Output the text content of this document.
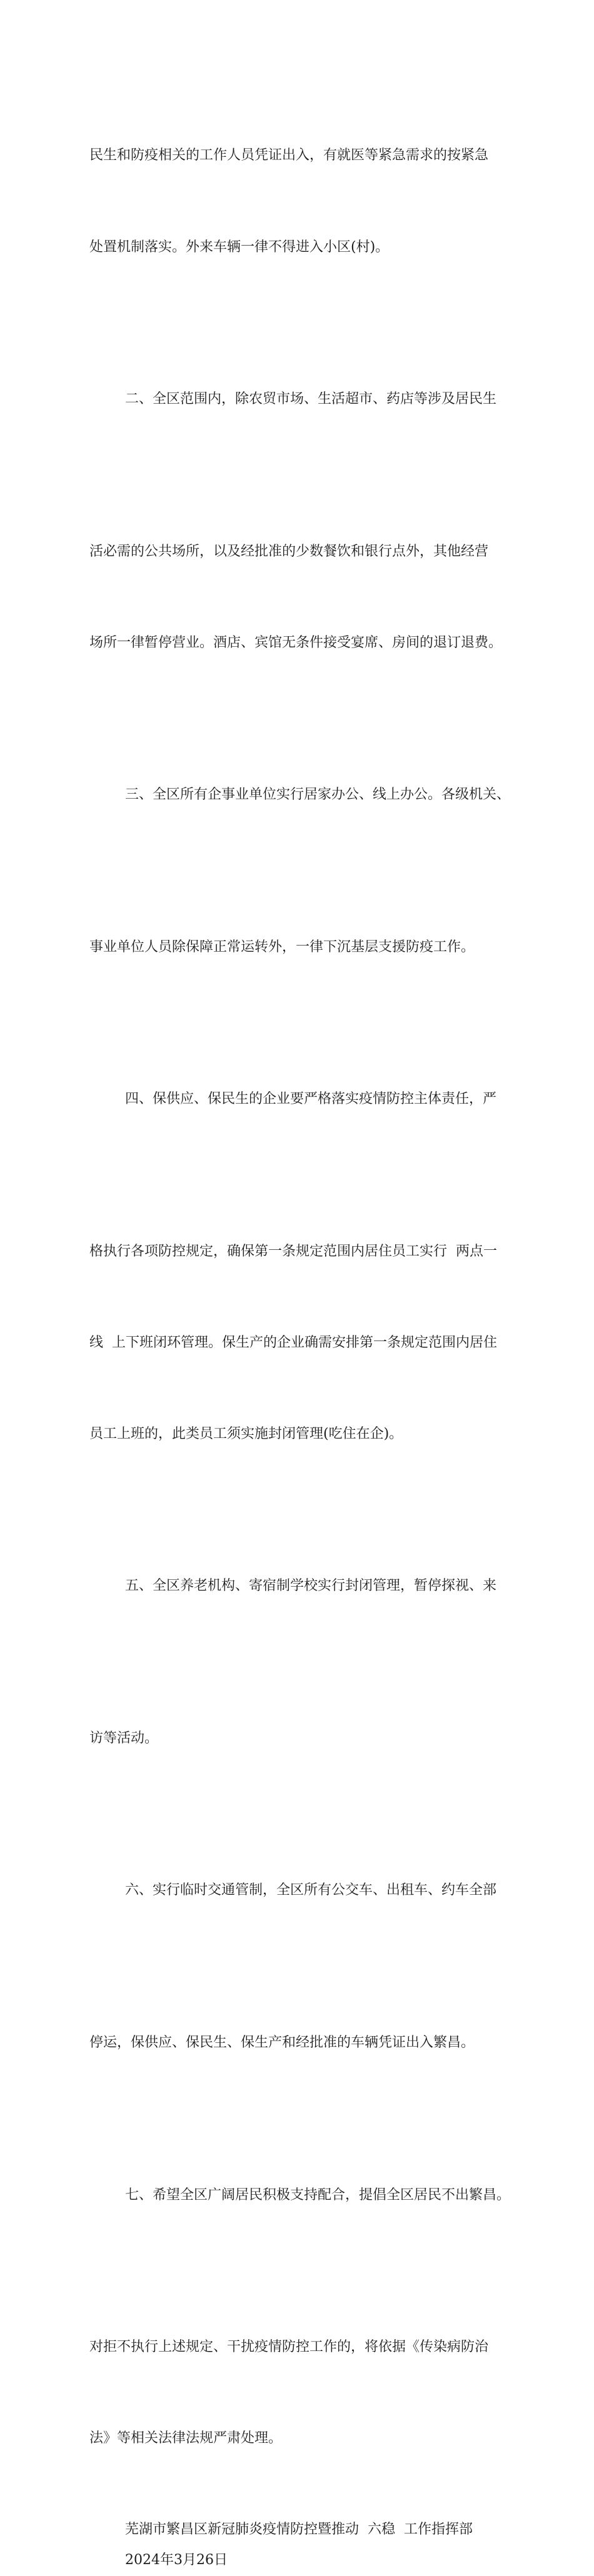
民生和防疫相关的工作人员凭证出入，有就医等紧急需求的按紧急

处置机制落实。外来车辆一律不得进入小区(村)。

二、全区范围内，除农贸市场、生活超市、药店等涉及居民生

活必需的公共场所，以及经批准的少数餐饮和银行点外，其他经营

场所一律暂停营业。酒店、宾馆无条件接受宴席、房间的退订退费。

三、全区所有企事业单位实行居家办公、线上办公。各级机关、

事业单位人员除保障正常运转外，一律下沉基层支援防疫工作。

四、保供应、保民生的企业要严格落实疫情防控主体责任，严

格执行各项防控规定，确保第一条规定范围内居住员工实行  两点一

线  上下班闭环管理。保生产的企业确需安排第一条规定范围内居住

员工上班的，此类员工须实施封闭管理(吃住在企)。

五、全区养老机构、寄宿制学校实行封闭管理，暂停探视、来

访等活动。

六、实行临时交通管制，全区所有公交车、出租车、约车全部

停运，保供应、保民生、保生产和经批准的车辆凭证出入繁昌。

七、希望全区广阔居民积极支持配合，提倡全区居民不出繁昌。

对拒不执行上述规定、干扰疫情防控工作的，将依据《传染病防治

法》等相关法律法规严肃处理。

芜湖市繁昌区新冠肺炎疫情防控暨推动  六稳  工作指挥部

2024年3月26日
